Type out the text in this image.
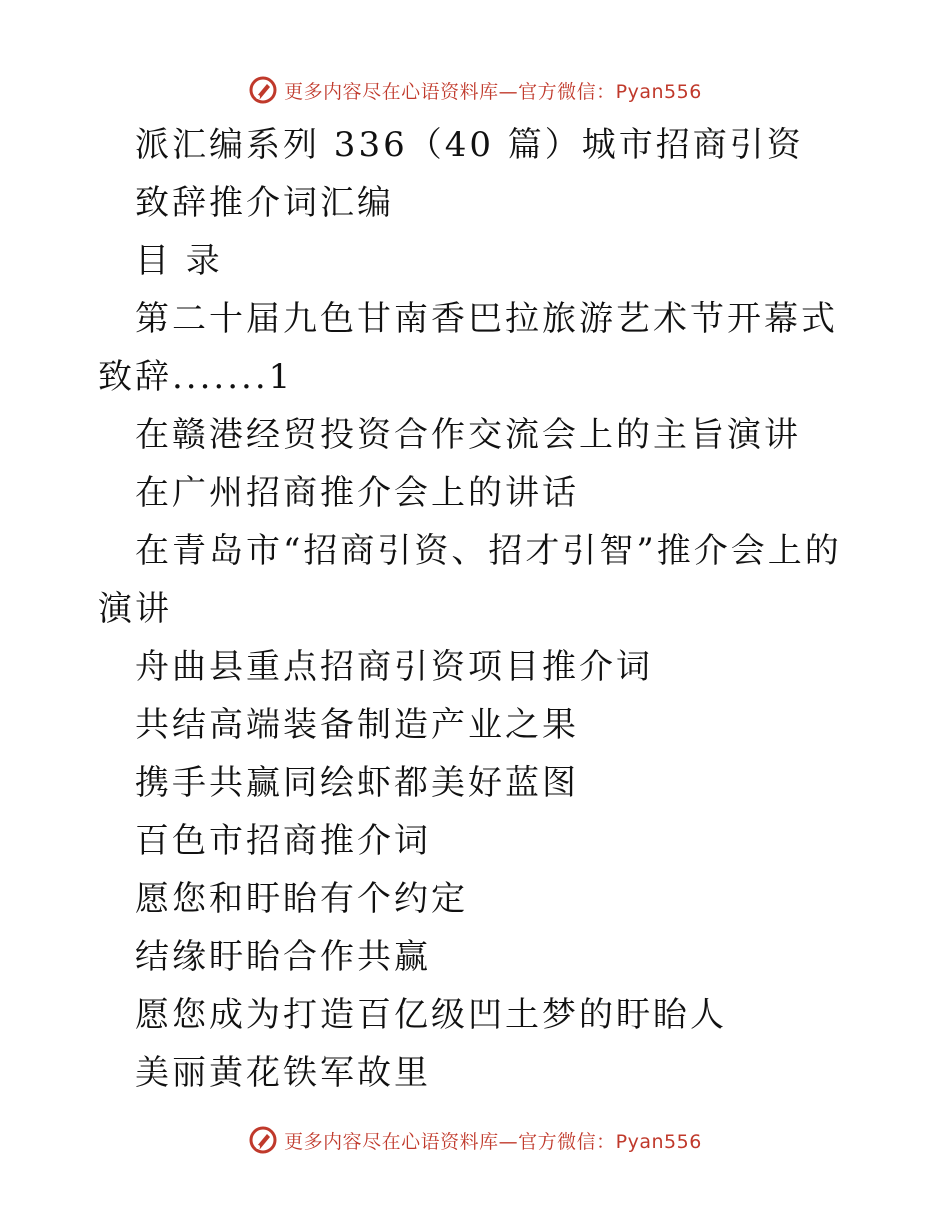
更多内容尽在心语资料库—官方微信：Pyan556

派汇编系列 336（40 篇）城市招商引资

致辞推介词汇编

目 录

第二十届九色甘南香巴拉旅游艺术节开幕式致辞.......1

在赣港经贸投资合作交流会上的主旨演讲

在广州招商推介会上的讲话

在青岛市“招商引资、招才引智”推介会上的演讲

舟曲县重点招商引资项目推介词

共结高端装备制造产业之果

携手共赢同绘虾都美好蓝图

百色市招商推介词

愿您和盱眙有个约定

结缘盱眙合作共赢

愿您成为打造百亿级凹土梦的盱眙人

美丽黄花铁军故里

更多内容尽在心语资料库—官方微信：Pyan556
